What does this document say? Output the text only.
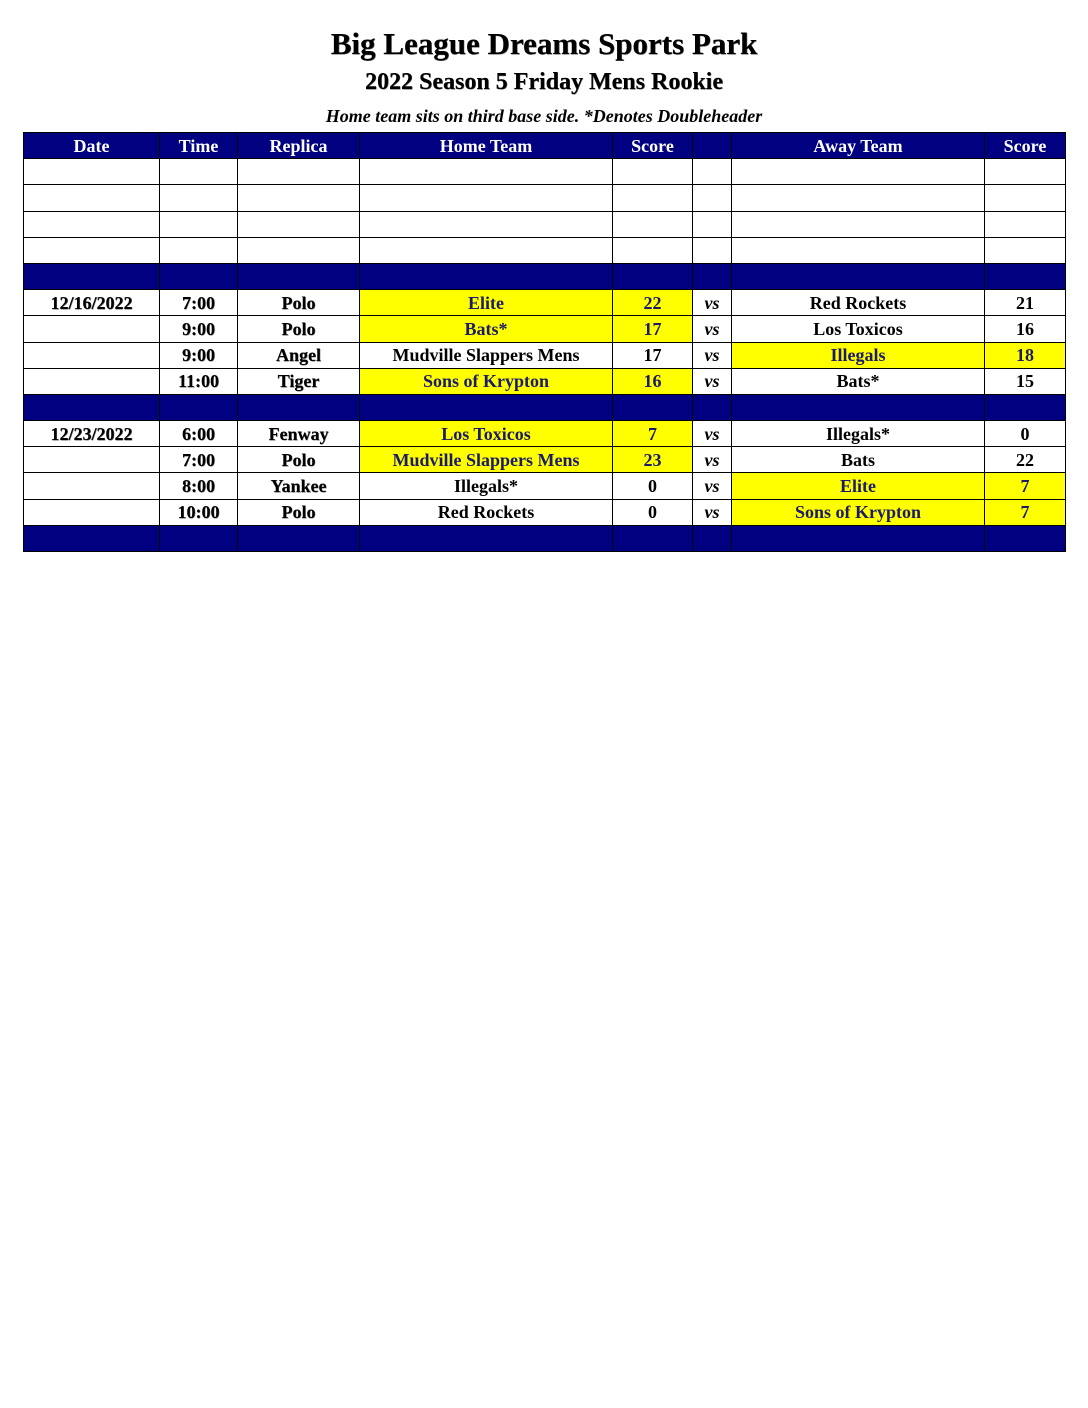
Big League Dreams Sports Park
2022 Season 5 Friday Mens Rookie
Home team sits on third base side. *Denotes Doubleheader
Date	Time	Replica	Home Team	Score		Away Team	Score

12/16/2022	7:00	Polo	Elite	22	vs	Red Rockets	21
	9:00	Polo	Bats*	17	vs	Los Toxicos	16
	9:00	Angel	Mudville Slappers Mens	17	vs	Illegals	18
	11:00	Tiger	Sons of Krypton	16	vs	Bats*	15

12/23/2022	6:00	Fenway	Los Toxicos	7	vs	Illegals*	0
	7:00	Polo	Mudville Slappers Mens	23	vs	Bats	22
	8:00	Yankee	Illegals*	0	vs	Elite	7
	10:00	Polo	Red Rockets	0	vs	Sons of Krypton	7
